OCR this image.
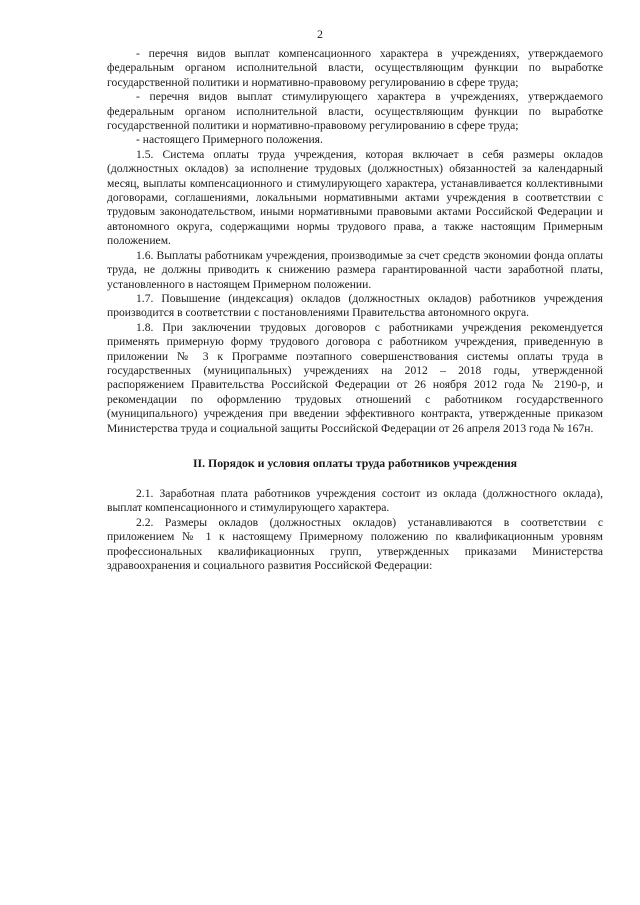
2

- перечня видов выплат компенсационного характера в учреждениях, утверждаемого федеральным органом исполнительной власти, осуществляющим функции по выработке государственной политики и нормативно-правовому регулированию в сфере труда;

- перечня видов выплат стимулирующего характера в учреждениях, утверждаемого федеральным органом исполнительной власти, осуществляющим функции по выработке государственной политики и нормативно-правовому регулированию в сфере труда;

- настоящего Примерного положения.

1.5. Система оплаты труда учреждения, которая включает в себя размеры окладов (должностных окладов) за исполнение трудовых (должностных) обязанностей за календарный месяц, выплаты компенсационного и стимулирующего характера, устанавливается коллективными договорами, соглашениями, локальными нормативными актами учреждения в соответствии с трудовым законодательством, иными нормативными правовыми актами Российской Федерации и автономного округа, содержащими нормы трудового права, а также настоящим Примерным положением.

1.6. Выплаты работникам учреждения, производимые за счет средств экономии фонда оплаты труда, не должны приводить к снижению размера гарантированной части заработной платы, установленного в настоящем Примерном положении.

1.7. Повышение (индексация) окладов (должностных окладов) работников учреждения производится в соответствии с постановлениями Правительства автономного округа.

1.8. При заключении трудовых договоров с работниками учреждения рекомендуется применять примерную форму трудового договора с работником учреждения, приведенную в приложении № 3 к Программе поэтапного совершенствования системы оплаты труда в государственных (муниципальных) учреждениях на 2012 – 2018 годы, утвержденной распоряжением Правительства Российской Федерации от 26 ноября 2012 года № 2190-р, и рекомендации по оформлению трудовых отношений с работником государственного (муниципального) учреждения при введении эффективного контракта, утвержденные приказом Министерства труда и социальной защиты Российской Федерации от 26 апреля 2013 года № 167н.

II. Порядок и условия оплаты труда работников учреждения

2.1. Заработная плата работников учреждения состоит из оклада (должностного оклада), выплат компенсационного и стимулирующего характера.

2.2. Размеры окладов (должностных окладов) устанавливаются в соответствии с приложением № 1 к настоящему Примерному положению по квалификационным уровням профессиональных квалификационных групп, утвержденных приказами Министерства здравоохранения и социального развития Российской Федерации:
